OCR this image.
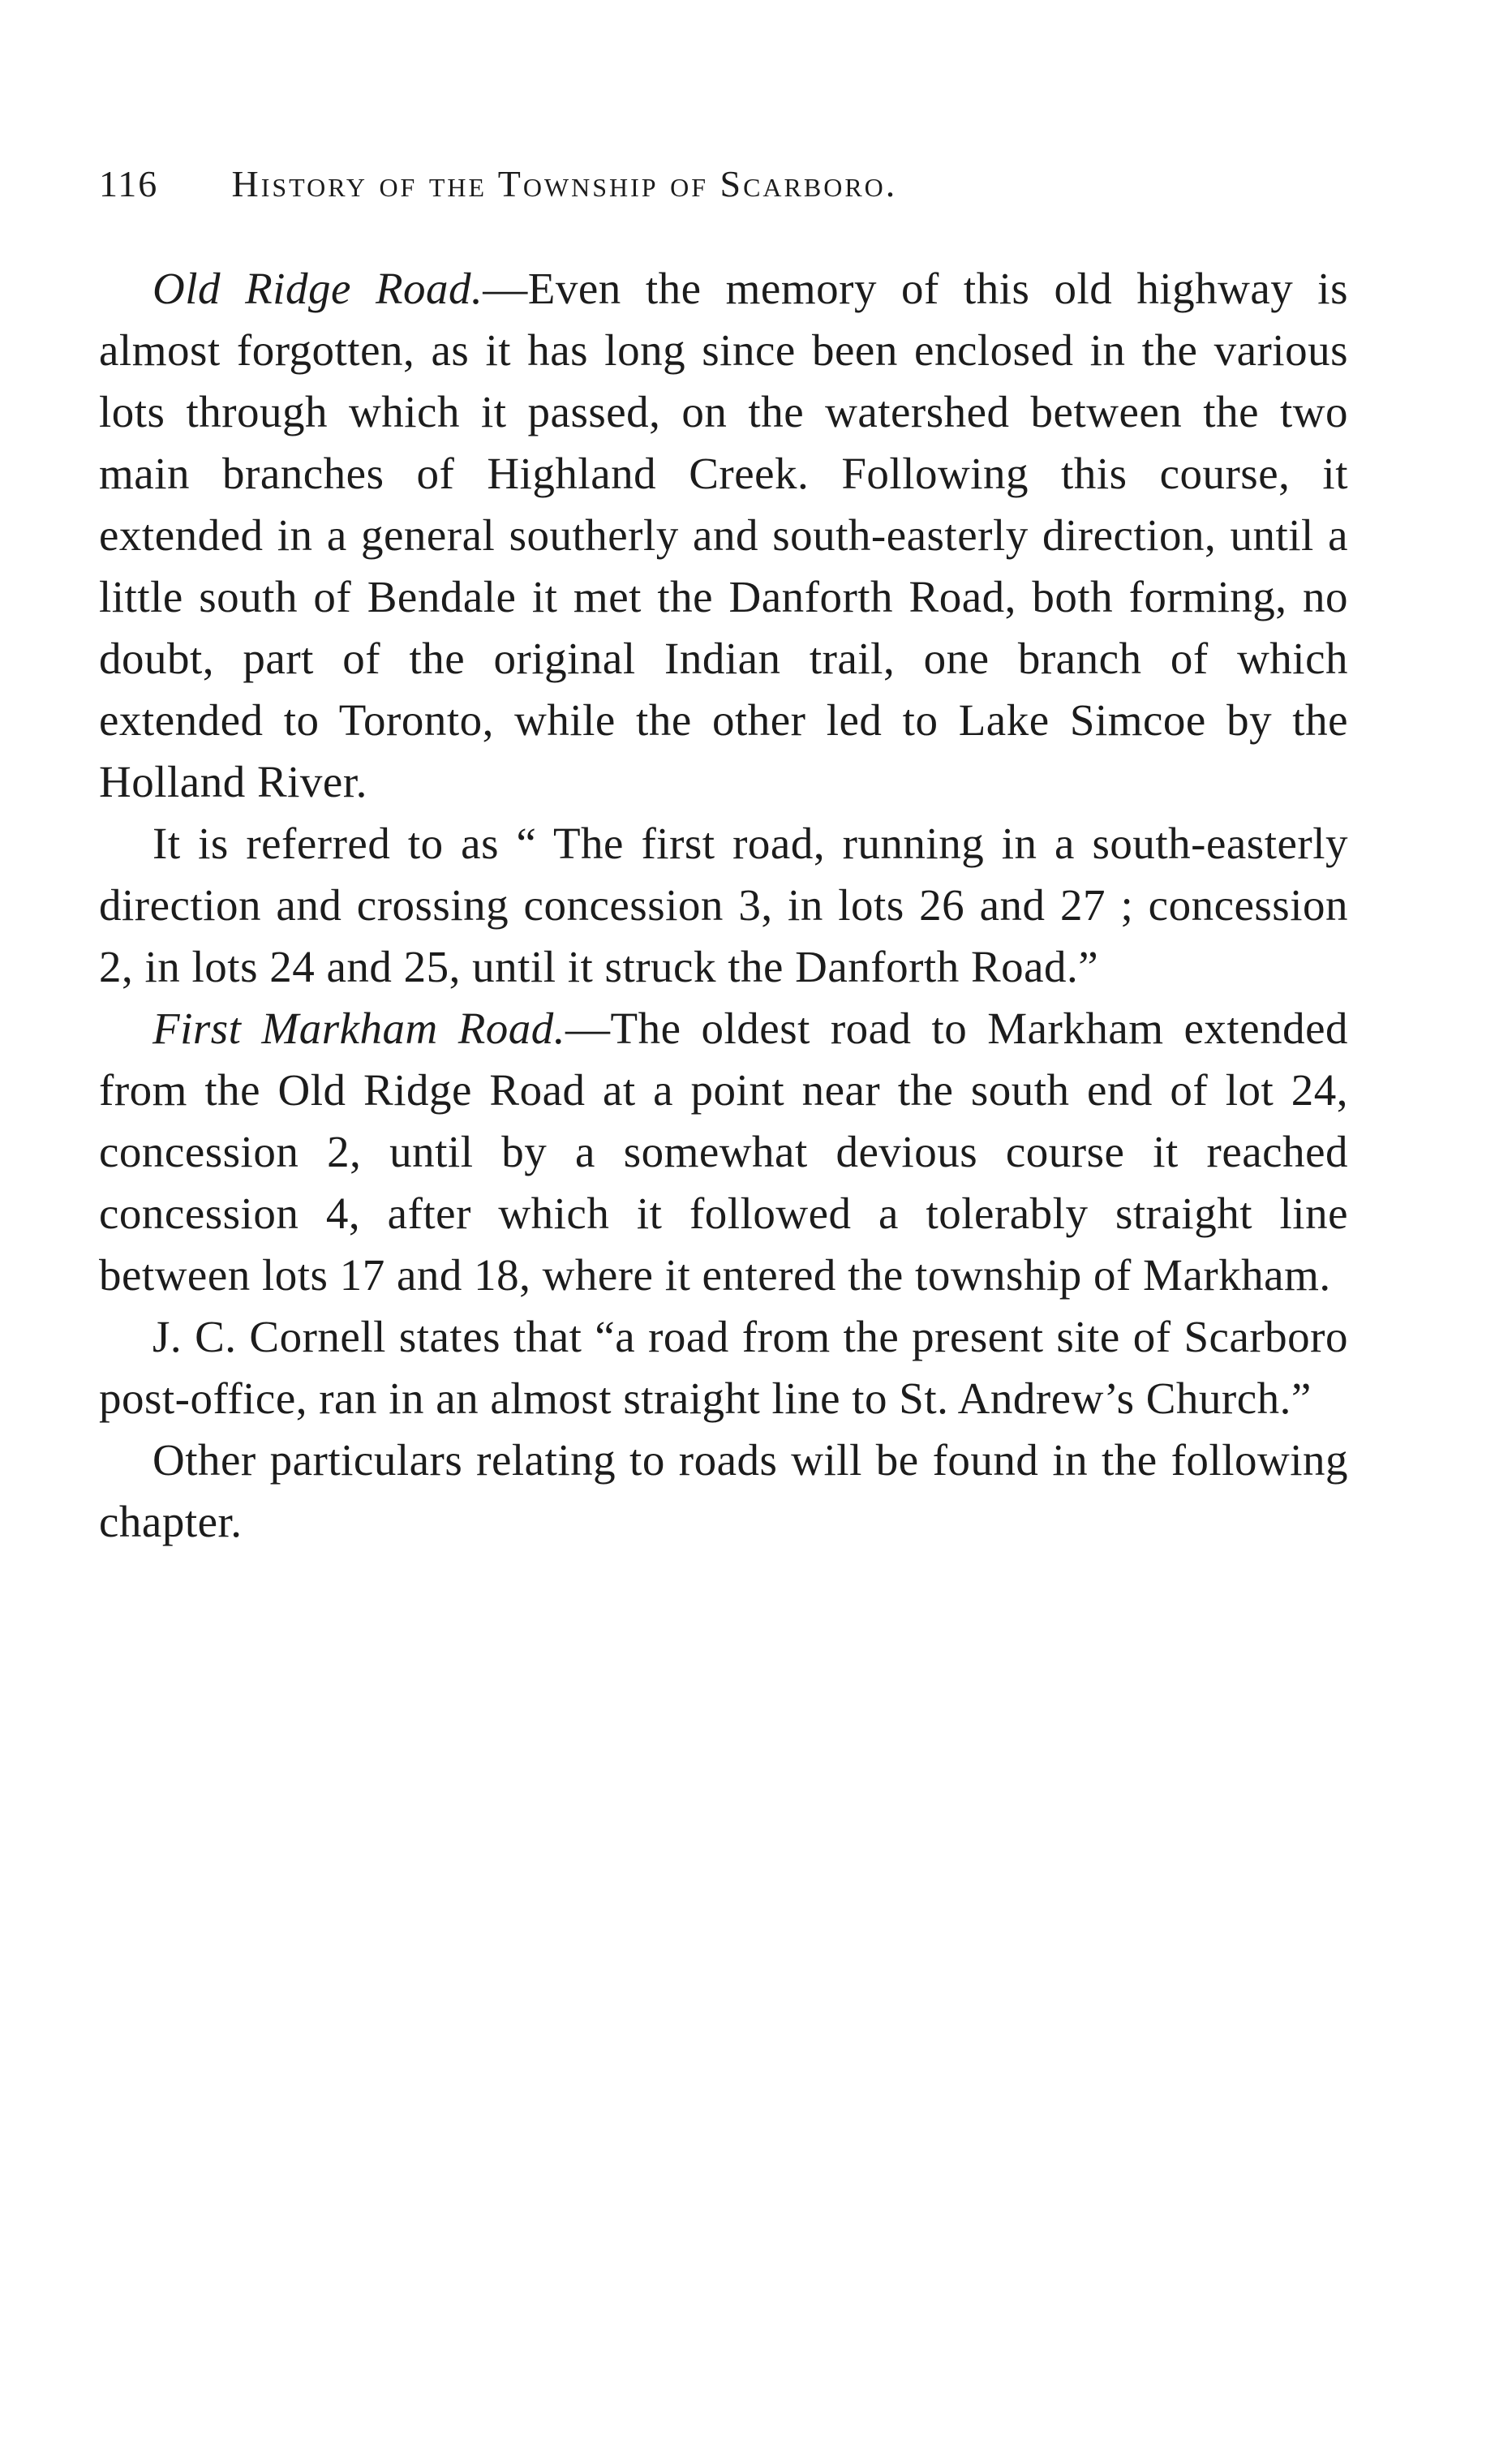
116 History of the Township of Scarboro.

Old Ridge Road.—Even the memory of this old highway is almost forgotten, as it has long since been enclosed in the various lots through which it passed, on the watershed between the two main branches of Highland Creek. Following this course, it extended in a general southerly and south-easterly direction, until a little south of Bendale it met the Danforth Road, both forming, no doubt, part of the original Indian trail, one branch of which extended to Toronto, while the other led to Lake Simcoe by the Holland River.

It is referred to as “ The first road, running in a south-easterly direction and crossing concession 3, in lots 26 and 27 ; concession 2, in lots 24 and 25, until it struck the Danforth Road.”

First Markham Road.—The oldest road to Markham extended from the Old Ridge Road at a point near the south end of lot 24, concession 2, until by a somewhat devious course it reached concession 4, after which it followed a tolerably straight line between lots 17 and 18, where it entered the township of Markham.

J. C. Cornell states that “a road from the present site of Scarboro post-office, ran in an almost straight line to St. Andrew’s Church.”

Other particulars relating to roads will be found in the following chapter.
